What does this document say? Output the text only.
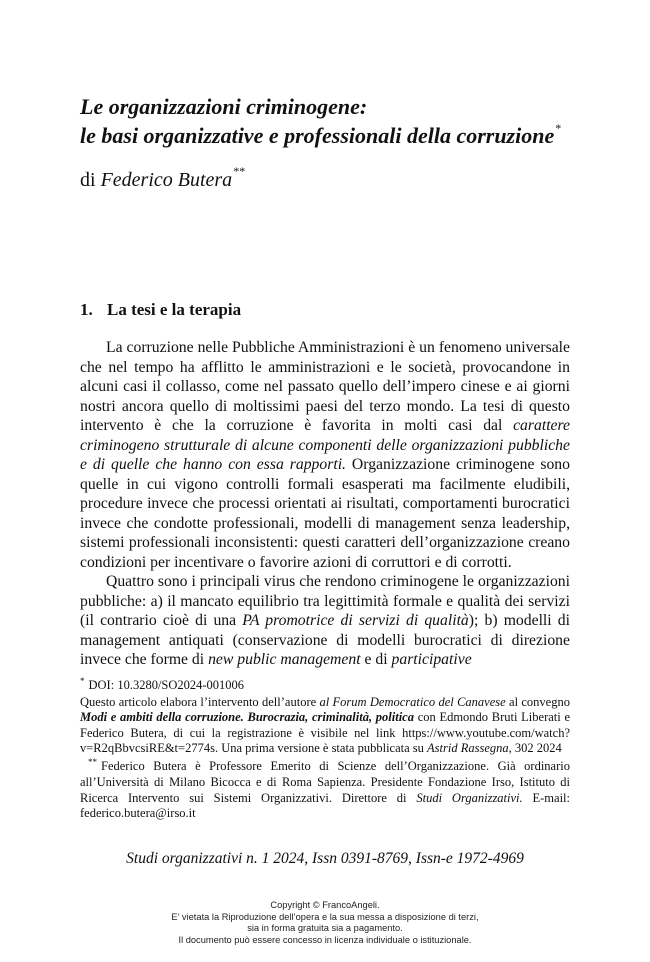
Le organizzazioni criminogene:
le basi organizzative e professionali della corruzione*
di Federico Butera**
1. La tesi e la terapia

La corruzione nelle Pubbliche Amministrazioni è un fenomeno universale che nel tempo ha afflitto le amministrazioni e le società, provocandone in alcuni casi il collasso, come nel passato quello dell’impero cinese e ai giorni nostri ancora quello di moltissimi paesi del terzo mondo. La tesi di questo intervento è che la corruzione è favorita in molti casi dal carattere criminogeno strutturale di alcune componenti delle organizzazioni pubbliche e di quelle che hanno con essa rapporti. Organizzazione criminogene sono quelle in cui vigono controlli formali esasperati ma facilmente eludibili, procedure invece che processi orientati ai risultati, comportamenti burocratici invece che condotte professionali, modelli di management senza leadership, sistemi professionali inconsistenti: questi caratteri dell’organizzazione creano condizioni per incentivare o favorire azioni di corruttori e di corrotti.

Quattro sono i principali virus che rendono criminogene le organizzazioni pubbliche: a) il mancato equilibrio tra legittimità formale e qualità dei servizi (il contrario cioè di una PA promotrice di servizi di qualità); b) modelli di management antiquati (conservazione di modelli burocratici di direzione invece che forme di new public management e di participative

* DOI: 10.3280/SO2024-001006

Questo articolo elabora l’intervento dell’autore al Forum Democratico del Canavese al convegno Modi e ambiti della corruzione. Burocrazia, criminalità, politica con Edmondo Bruti Liberati e Federico Butera, di cui la registrazione è visibile nel link https://www.youtube.com/watch?v=R2qBbvcsiRE&t=2774s. Una prima versione è stata pubblicata su Astrid Rassegna, 302 2024

** Federico Butera è Professore Emerito di Scienze dell’Organizzazione. Già ordinario all’Università di Milano Bicocca e di Roma Sapienza. Presidente Fondazione Irso, Istituto di Ricerca Intervento sui Sistemi Organizzativi. Direttore di Studi Organizzativi. E-mail: federico.butera@irso.it

Studi organizzativi n. 1 2024, Issn 0391-8769, Issn-e 1972-4969
Copyright © FrancoAngeli.
E’ vietata la Riproduzione dell’opera e la sua messa a disposizione di terzi,
sia in forma gratuita sia a pagamento.
Il documento può essere concesso in licenza individuale o istituzionale.
